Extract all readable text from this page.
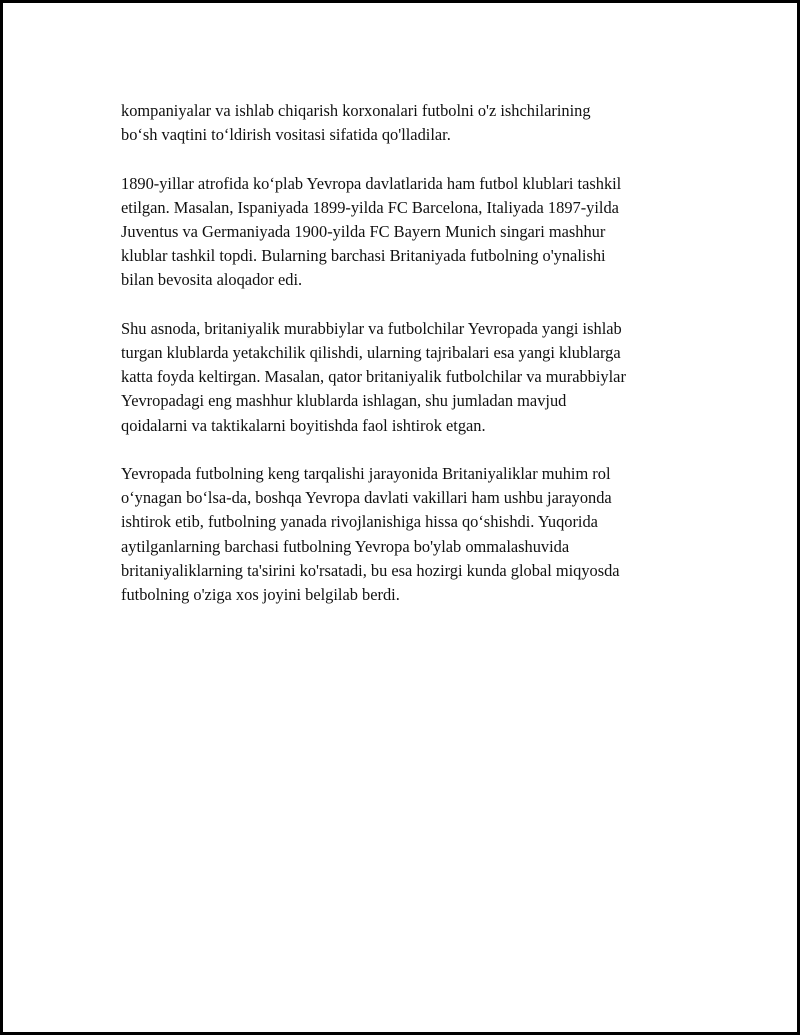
kompaniyalar va ishlab chiqarish korxonalari futbolni o'z ishchilarining
bo‘sh vaqtini to‘ldirish vositasi sifatida qo'lladilar.

1890-yillar atrofida ko‘plab Yevropa davlatlarida ham futbol klublari tashkil
etilgan. Masalan, Ispaniyada 1899-yilda FC Barcelona, Italiyada 1897-yilda
Juventus va Germaniyada 1900-yilda FC Bayern Munich singari mashhur
klublar tashkil topdi. Bularning barchasi Britaniyada futbolning o'ynalishi
bilan bevosita aloqador edi.

Shu asnoda, britaniyalik murabbiylar va futbolchilar Yevropada yangi ishlab
turgan klublarda yetakchilik qilishdi, ularning tajribalari esa yangi klublarga
katta foyda keltirgan. Masalan, qator britaniyalik futbolchilar va murabbiylar
Yevropadagi eng mashhur klublarda ishlagan, shu jumladan mavjud
qoidalarni va taktikalarni boyitishda faol ishtirok etgan.

Yevropada futbolning keng tarqalishi jarayonida Britaniyaliklar muhim rol
o‘ynagan bo‘lsa-da, boshqa Yevropa davlati vakillari ham ushbu jarayonda
ishtirok etib, futbolning yanada rivojlanishiga hissa qo‘shishdi. Yuqorida
aytilganlarning barchasi futbolning Yevropa bo'ylab ommalashuvida
britaniyaliklarning ta'sirini ko'rsatadi, bu esa hozirgi kunda global miqyosda
futbolning o'ziga xos joyini belgilab berdi.
